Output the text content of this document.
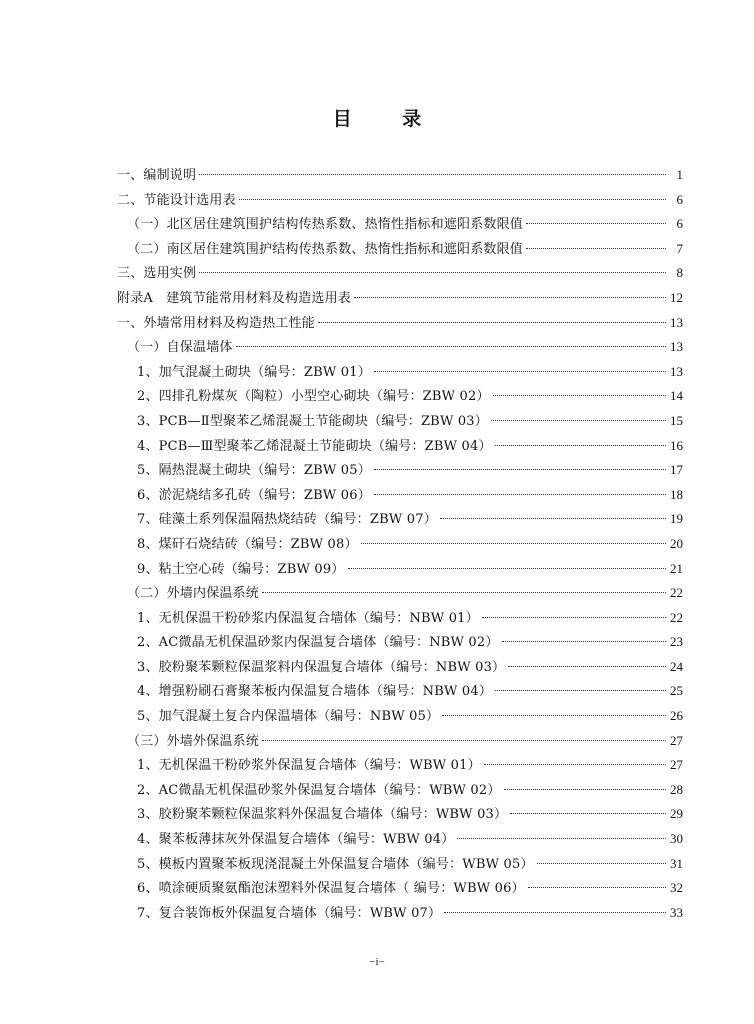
目 录
一、编制说明	1
二、节能设计选用表	6
（一）北区居住建筑围护结构传热系数、热惰性指标和遮阳系数限值	6
（二）南区居住建筑围护结构传热系数、热惰性指标和遮阳系数限值	7
三、选用实例	8
附录A　建筑节能常用材料及构造选用表	12
一、外墙常用材料及构造热工性能	13
（一）自保温墙体	13
1、加气混凝土砌块（编号：ZBW 01）	13
2、四排孔粉煤灰（陶粒）小型空心砌块（编号：ZBW 02）	14
3、PCB—Ⅱ型聚苯乙烯混凝土节能砌块（编号：ZBW 03）	15
4、PCB—Ⅲ型聚苯乙烯混凝土节能砌块（编号：ZBW 04）	16
5、隔热混凝土砌块（编号：ZBW 05）	17
6、淤泥烧结多孔砖（编号：ZBW 06）	18
7、硅藻土系列保温隔热烧结砖（编号：ZBW 07）	19
8、煤矸石烧结砖（编号：ZBW 08）	20
9、粘土空心砖（编号：ZBW 09）	21
（二）外墙内保温系统	22
1、无机保温干粉砂浆内保温复合墙体（编号：NBW 01）	22
2、AC微晶无机保温砂浆内保温复合墙体（编号：NBW 02）	23
3、胶粉聚苯颗粒保温浆料内保温复合墙体（编号：NBW 03）	24
4、增强粉刷石膏聚苯板内保温复合墙体（编号：NBW 04）	25
5、加气混凝土复合内保温墙体（编号：NBW 05）	26
（三）外墙外保温系统	27
1、无机保温干粉砂浆外保温复合墙体（编号：WBW 01）	27
2、AC微晶无机保温砂浆外保温复合墙体（编号：WBW 02）	28
3、胶粉聚苯颗粒保温浆料外保温复合墙体（编号：WBW 03）	29
4、聚苯板薄抹灰外保温复合墙体（编号：WBW 04）	30
5、模板内置聚苯板现浇混凝土外保温复合墙体（编号：WBW 05）	31
6、喷涂硬质聚氨酯泡沫塑料外保温复合墙体（ 编号：WBW 06）	32
7、复合装饰板外保温复合墙体（编号：WBW 07）	33
−i−
